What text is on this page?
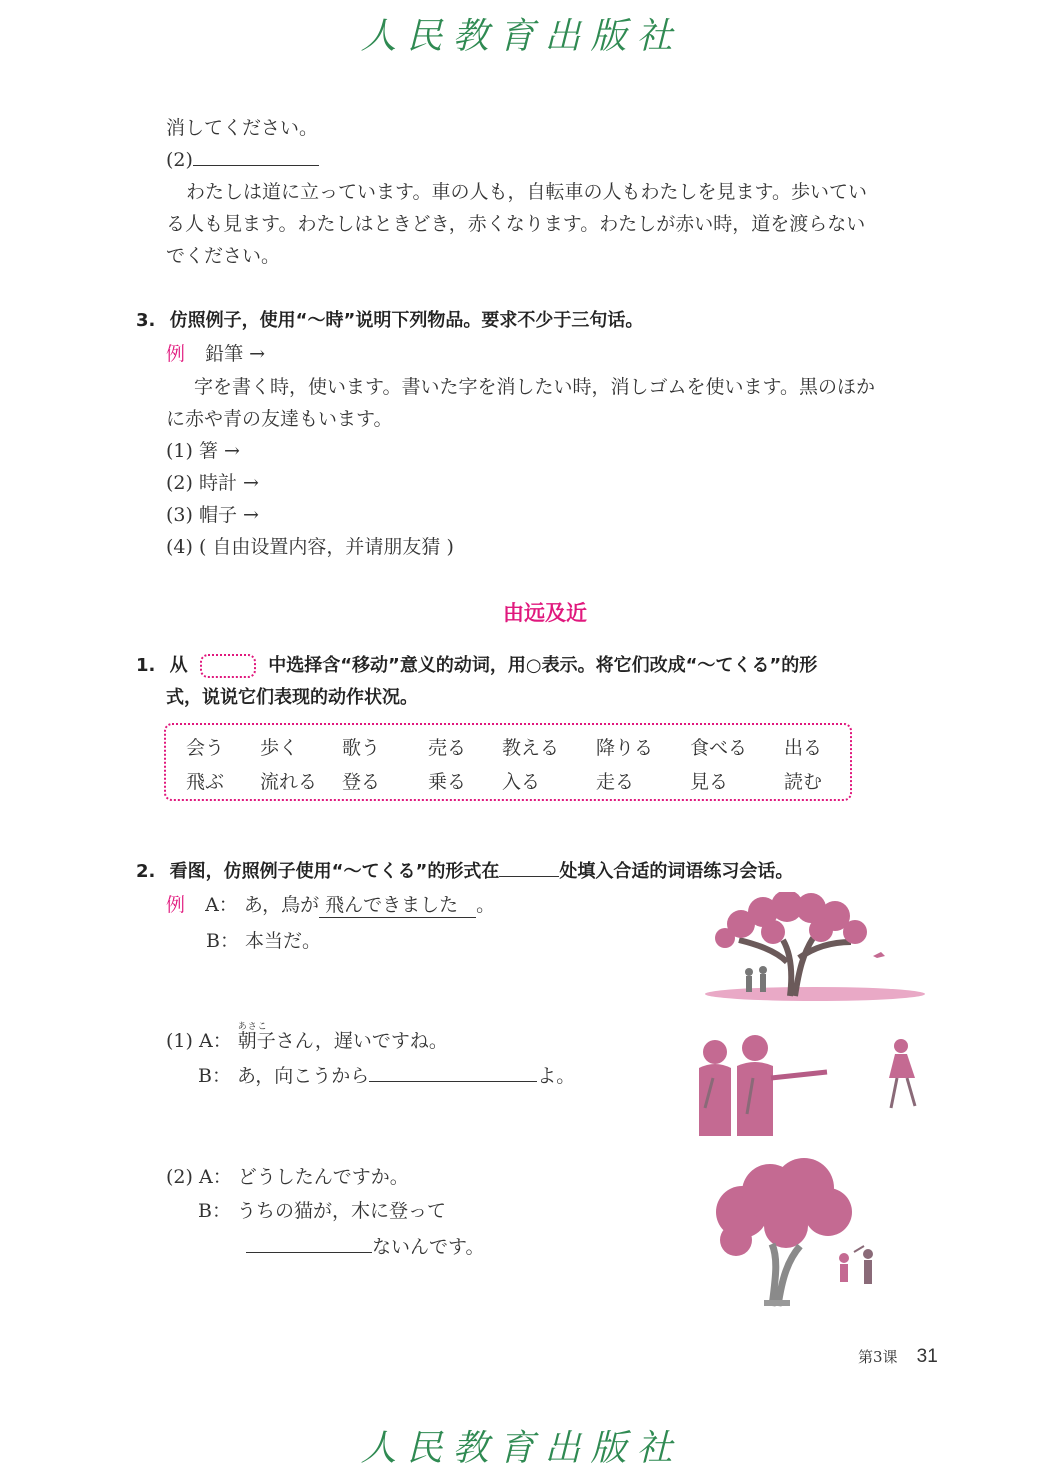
人民教育出版社
消してください。
(2)
わたしは道に立っています。車の人も，自転車の人もわたしを見ます。歩いてい
る人も見ます。わたしはときどき，赤くなります。わたしが赤い時，道を渡らない
でください。
3. 仿照例子，使用“～時”说明下列物品。要求不少于三句话。
例 鉛筆 →
字を書く時，使います。書いた字を消したい時，消しゴムを使います。黒のほか
に赤や青の友達もいます。
(1) 箸 →
(2) 時計 →
(3) 帽子 →
(4) ( 自由设置内容，并请朋友猜 )
由远及近
1. 从	中选择含“移动”意义的动词，用○表示。将它们改成“～てくる”的形
式，说说它们表现的动作状况。
会う 歩く 歌う	売る 教える 降りる 食べる 出る
飛ぶ 流れる 登る	乗る 入る	走る	見る	読む
2. 看图，仿照例子使用“～てくる”的形式在	处填入合适的词语练习会话。
例 A： あ，鳥が 飛んできました 。
B： 本当だ。
(1) A：
あさこ
朝子さん，遅いですね。
B： あ，向こうから	よ。
(2) A： どうしたんですか。
B： うちの猫が，木に登って
ないんです。
第3课 31
人民教育出版社
